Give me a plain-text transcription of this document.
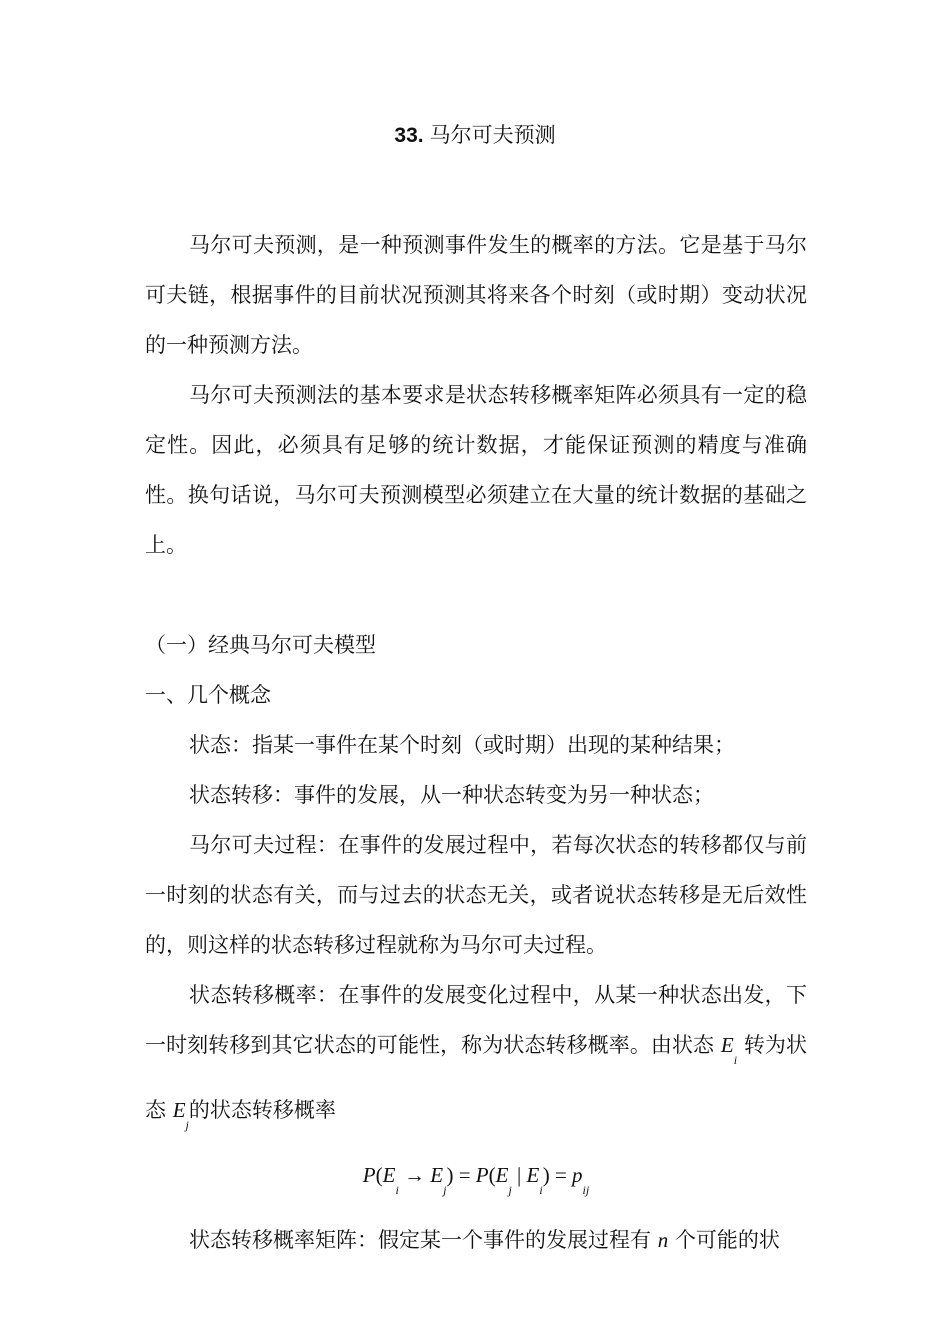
33. 马尔可夫预测

马尔可夫预测，是一种预测事件发生的概率的方法。它是基于马尔可夫链，根据事件的目前状况预测其将来各个时刻（或时期）变动状况的一种预测方法。

马尔可夫预测法的基本要求是状态转移概率矩阵必须具有一定的稳定性。因此，必须具有足够的统计数据，才能保证预测的精度与准确性。换句话说，马尔可夫预测模型必须建立在大量的统计数据的基础之上。

（一）经典马尔可夫模型

一、几个概念

状态：指某一事件在某个时刻（或时期）出现的某种结果；

状态转移：事件的发展，从一种状态转变为另一种状态；

马尔可夫过程：在事件的发展过程中，若每次状态的转移都仅与前一时刻的状态有关，而与过去的状态无关，或者说状态转移是无后效性的，则这样的状态转移过程就称为马尔可夫过程。

状态转移概率：在事件的发展变化过程中，从某一种状态出发，下一时刻转移到其它状态的可能性，称为状态转移概率。由状态 $E_i$ 转为状态 $E_j$的状态转移概率

$P(E_i \to E_j) = P(E_j$ | $E_i) = p_{ij}$

状态转移概率矩阵：假定某一个事件的发展过程有 n 个可能的状
